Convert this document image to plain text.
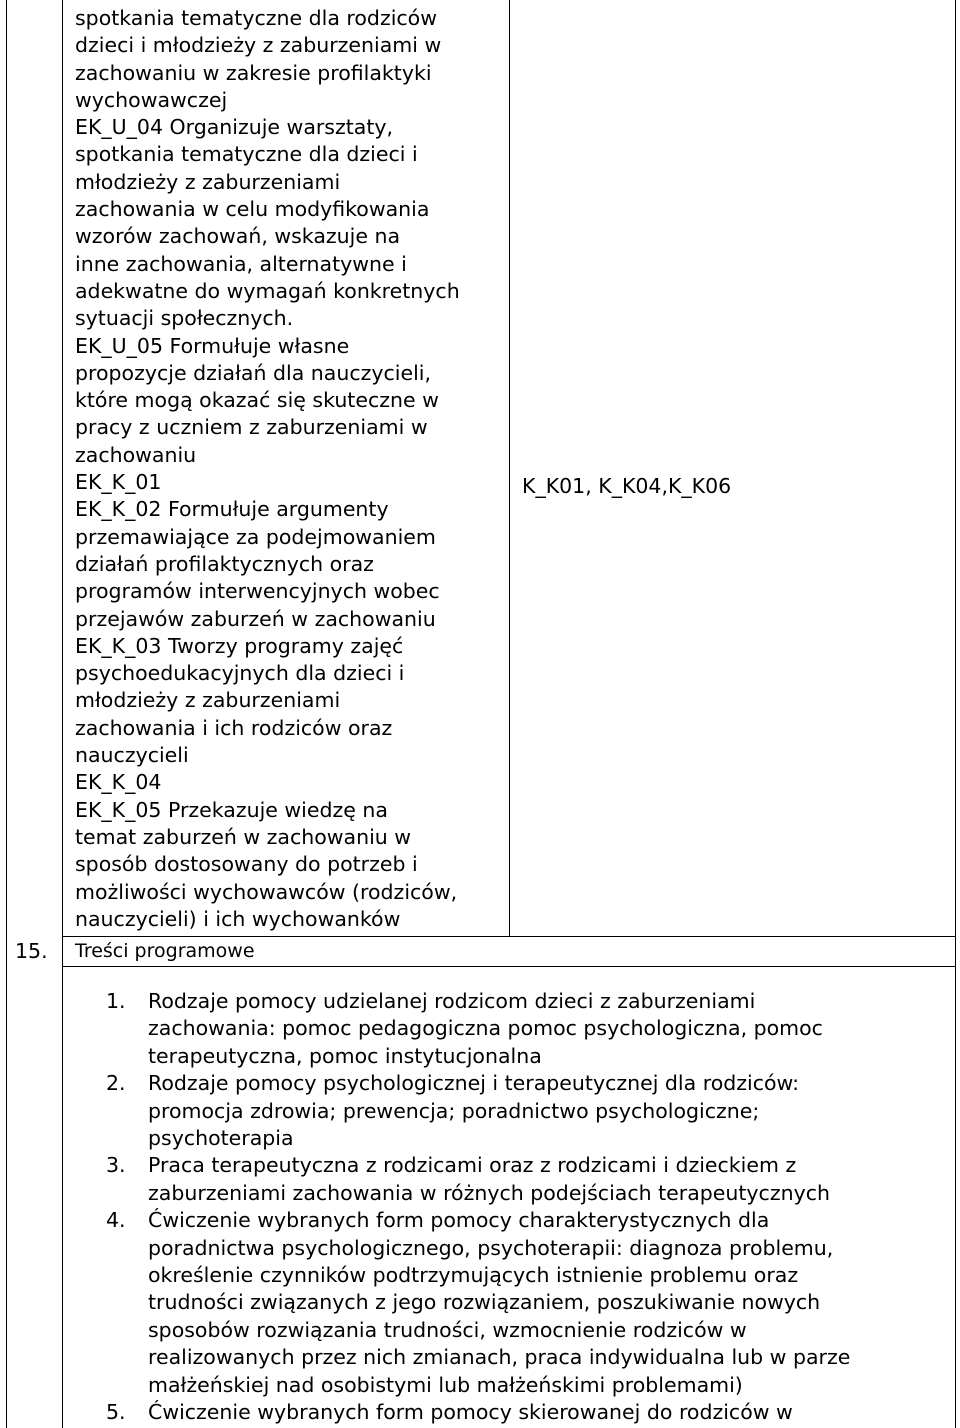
spotkania tematyczne dla rodziców
dzieci i młodzieży z zaburzeniami w
zachowaniu w zakresie profilaktyki
wychowawczej
EK_U_04 Organizuje warsztaty,
spotkania tematyczne dla dzieci i
młodzieży z zaburzeniami
zachowania w celu modyfikowania
wzorów zachowań, wskazuje na
inne zachowania, alternatywne i
adekwatne do wymagań konkretnych
sytuacji społecznych.
EK_U_05 Formułuje własne
propozycje działań dla nauczycieli,
które mogą okazać się skuteczne w
pracy z uczniem z zaburzeniami w
zachowaniu
EK_K_01
EK_K_02 Formułuje argumenty
przemawiające za podejmowaniem
działań profilaktycznych oraz
programów interwencyjnych wobec
przejawów zaburzeń w zachowaniu
EK_K_03 Tworzy programy zajęć
psychoedukacyjnych dla dzieci i
młodzieży z zaburzeniami
zachowania i ich rodziców oraz
nauczycieli
EK_K_04
EK_K_05 Przekazuje wiedzę na
temat zaburzeń w zachowaniu w
sposób dostosowany do potrzeb i
możliwości wychowawców (rodziców,
nauczycieli) i ich wychowanków
K_K01, K_K04,K_K06
15. Treści programowe
1. Rodzaje pomocy udzielanej rodzicom dzieci z zaburzeniami
zachowania: pomoc pedagogiczna pomoc psychologiczna, pomoc
terapeutyczna, pomoc instytucjonalna
2. Rodzaje pomocy psychologicznej i terapeutycznej dla rodziców:
promocja zdrowia; prewencja; poradnictwo psychologiczne;
psychoterapia
3. Praca terapeutyczna z rodzicami oraz z rodzicami i dzieckiem z
zaburzeniami zachowania w różnych podejściach terapeutycznych
4. Ćwiczenie wybranych form pomocy charakterystycznych dla
poradnictwa psychologicznego, psychoterapii: diagnoza problemu,
określenie czynników podtrzymujących istnienie problemu oraz
trudności związanych z jego rozwiązaniem, poszukiwanie nowych
sposobów rozwiązania trudności, wzmocnienie rodziców w
realizowanych przez nich zmianach, praca indywidualna lub w parze
małżeńskiej nad osobistymi lub małżeńskimi problemami)
5. Ćwiczenie wybranych form pomocy skierowanej do rodziców w
